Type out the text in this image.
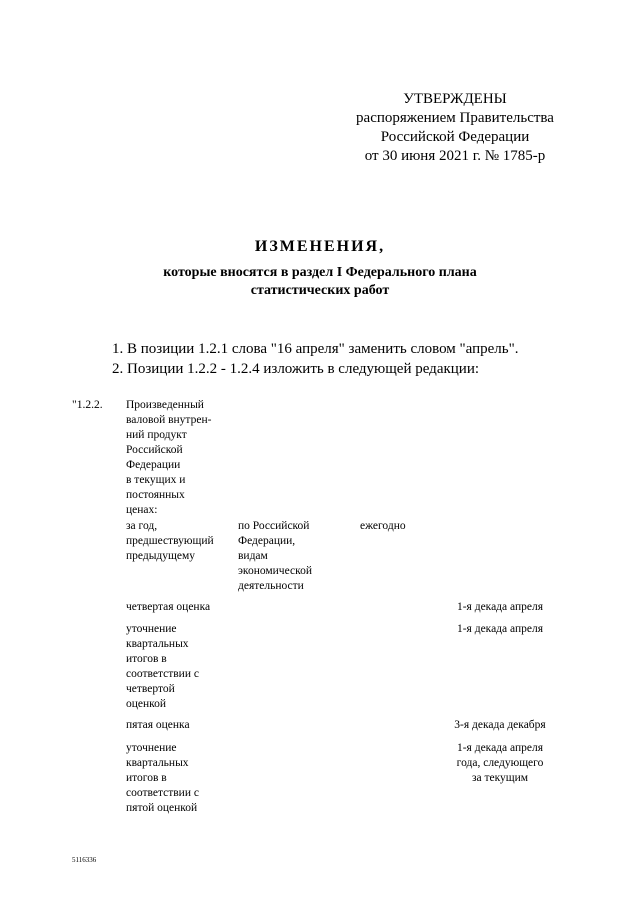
УТВЕРЖДЕНЫ
распоряжением Правительства
Российской Федерации
от 30 июня 2021 г. № 1785-р
ИЗМЕНЕНИЯ,
которые вносятся в раздел I Федерального плана
статистических работ
1. В позиции 1.2.1 слова "16 апреля" заменить словом "апрель".
2. Позиции 1.2.2 - 1.2.4 изложить в следующей редакции:
"1.2.2. Произведенный
валовой внутрен-
ний продукт
Российской
Федерации
в текущих и
постоянных
ценах:
за год,
предшествующий
предыдущему
по Российской
Федерации,
видам
экономической
деятельности
ежегодно
четвертая оценка	1-я декада апреля
уточнение
квартальных
итогов в
соответствии с
четвертой
оценкой
1-я декада апреля
пятая оценка	3-я декада декабря
уточнение
квартальных
итогов в
соответствии с
пятой оценкой
1-я декада апреля
года, следующего
за текущим
5116336
